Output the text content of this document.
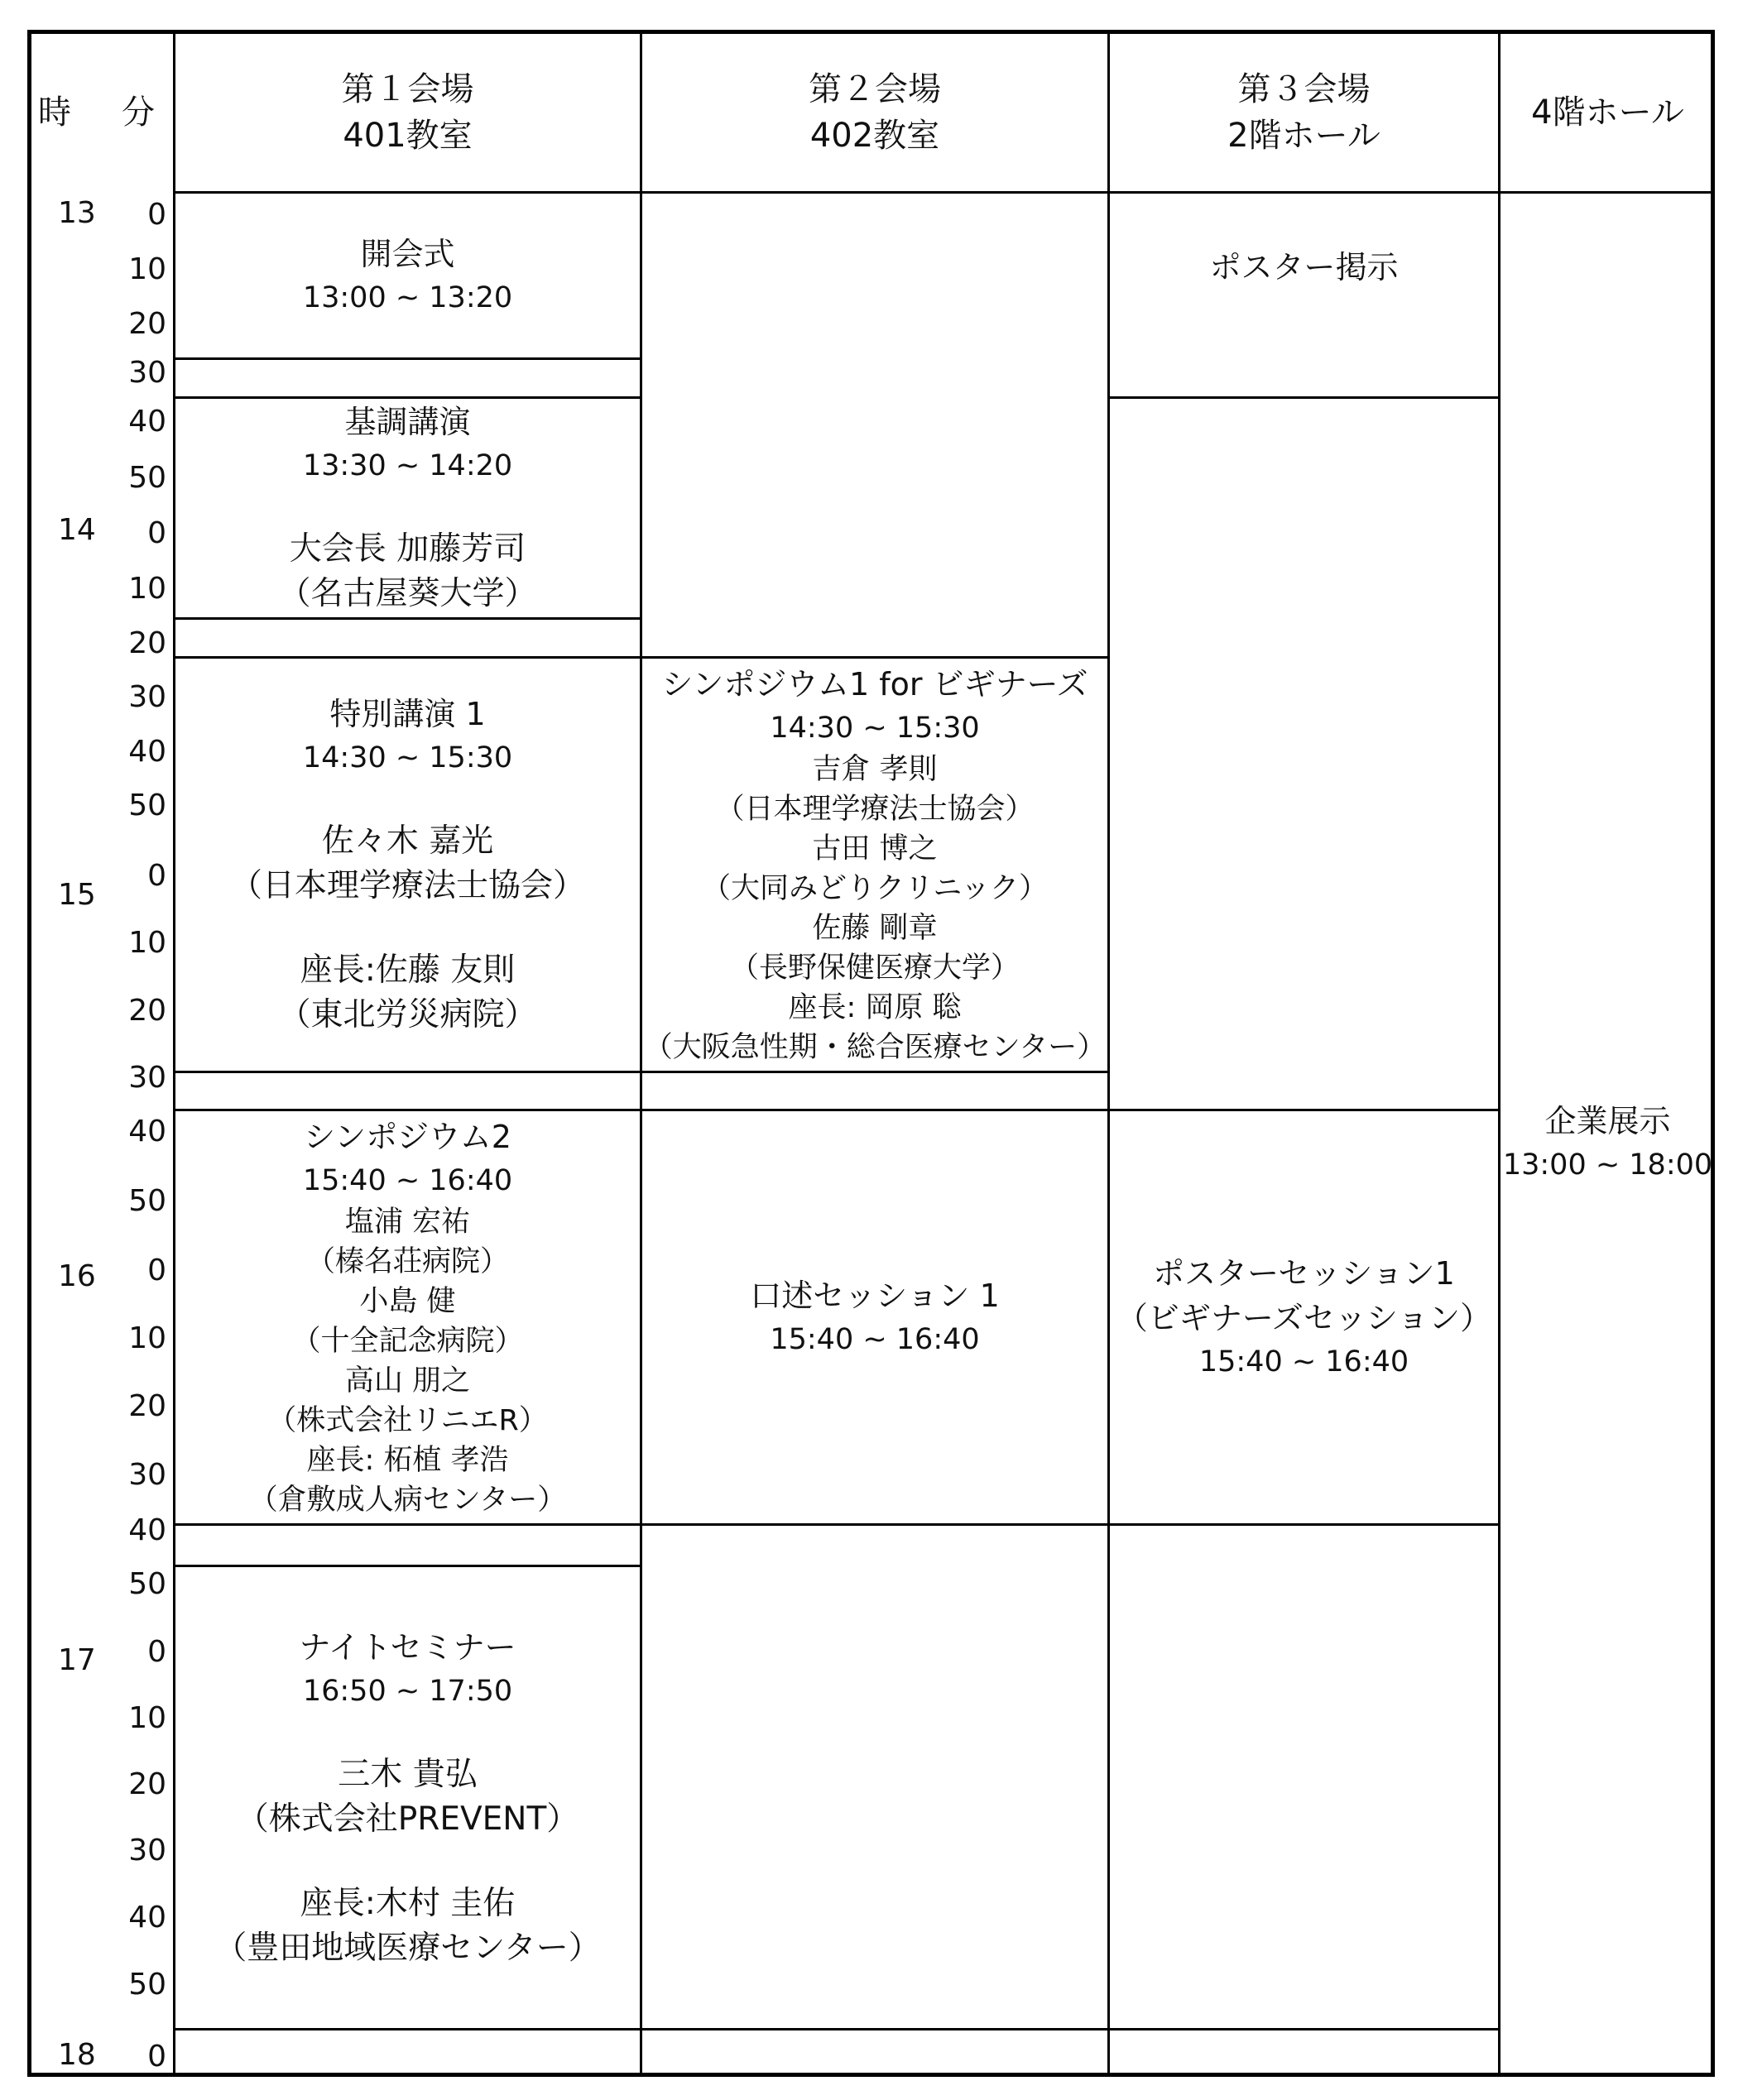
時 分
第１会場
401教室
第２会場
402教室
第３会場
2階ホール
4階ホール
13
14
15
16
17
18
0
10
20
30
40
50
0
10
20
30
40
50
0
10
20
30
40
50
0
10
20
30
40
50
0
10
20
30
40
50
0
開会式
13:00 ~ 13:20
基調講演
13:30 ~ 14:20
大会長 加藤芳司
（名古屋葵大学）
特別講演 1
14:30 ~ 15:30
佐々木 嘉光
（日本理学療法士協会）
座長:佐藤 友則
（東北労災病院）
シンポジウム2
15:40 ~ 16:40
塩浦 宏祐
（榛名荘病院）
小島 健
（十全記念病院）
高山 朋之
（株式会社リニエR）
座長: 柘植 孝浩
（倉敷成人病センター）
ナイトセミナー
16:50 ~ 17:50
三木 貴弘
（株式会社PREVENT）
座長:木村 圭佑
（豊田地域医療センター）
シンポジウム1 for ビギナーズ
14:30 ~ 15:30
吉倉 孝則
（日本理学療法士協会）
古田 博之
（大同みどりクリニック）
佐藤 剛章
（長野保健医療大学）
座長: 岡原 聡
（大阪急性期・総合医療センター）
口述セッション 1
15:40 ~ 16:40
ポスター掲示
ポスターセッション1
（ビギナーズセッション）
15:40 ~ 16:40
企業展示
13:00 ~ 18:00
